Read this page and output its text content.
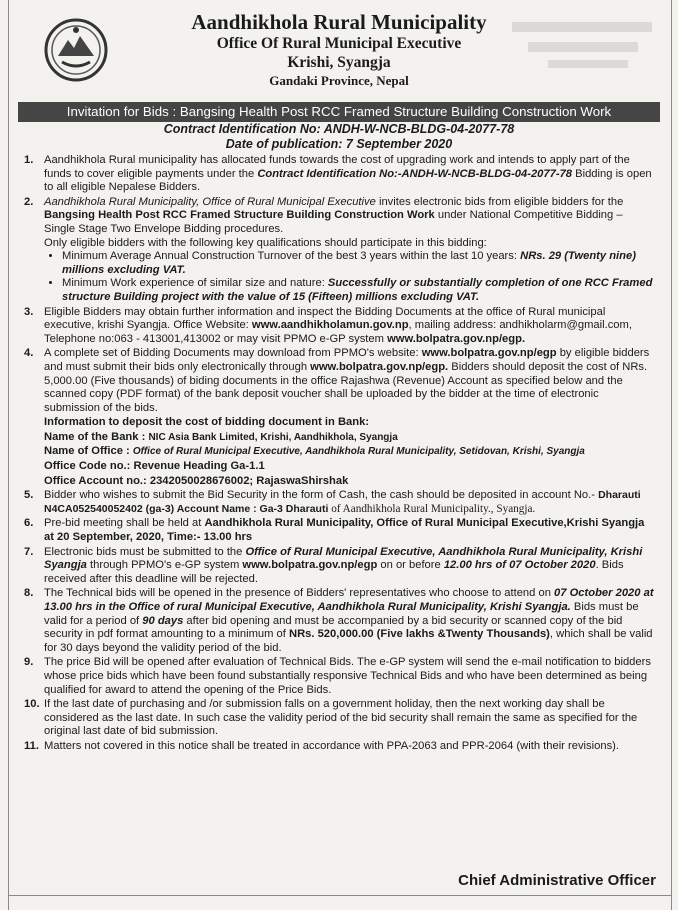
Aandhikhola Rural Municipality
Office Of Rural Municipal Executive
Krishi, Syangja
Gandaki Province, Nepal
Invitation for Bids : Bangsing Health Post RCC Framed Structure Building Construction Work
Contract Identification No: ANDH-W-NCB-BLDG-04-2077-78
Date of publication: 7 September 2020
1. Aandhikhola Rural municipality has allocated funds towards the cost of upgrading work and intends to apply part of the funds to cover eligible payments under the Contract Identification No:-ANDH-W-NCB-BLDG-04-2077-78 Bidding is open to all eligible Nepalese Bidders.
2. Aandhikhola Rural Municipality, Office of Rural Municipal Executive invites electronic bids from eligible bidders for the Bangsing Health Post RCC Framed Structure Building Construction Work under National Competitive Bidding – Single Stage Two Envelope Bidding procedures.
Only eligible bidders with the following key qualifications should participate in this bidding:
• Minimum Average Annual Construction Turnover of the best 3 years within the last 10 years: NRs. 29 (Twenty nine) millions excluding VAT.
• Minimum Work experience of similar size and nature: Successfully or substantially completion of one RCC Framed structure Building project with the value of 15 (Fifteen) millions excluding VAT.
3. Eligible Bidders may obtain further information and inspect the Bidding Documents at the office of Rural municipal executive, krishi Syangja. Office Website: www.aandhikholamun.gov.np, mailing address: andhikholarm@gmail.com, Telephone no:063 - 413001,413002 or may visit PPMO e-GP system www.bolpatra.gov.np/egp.
4. A complete set of Bidding Documents may download from PPMO's website: www.bolpatra.gov.np/egp by eligible bidders and must submit their bids only electronically through www.bolpatra.gov.np/egp. Bidders should deposit the cost of NRs. 5,000.00 (Five thousands) of biding documents in the office Rajashwa (Revenue) Account as specified below and the scanned copy (PDF format) of the bank deposit voucher shall be uploaded by the bidder at the time of electronic submission of the bids.

Information to deposit the cost of bidding document in Bank:

Name of the Bank : NIC Asia Bank Limited, Krishi, Aandhikhola, Syangja

Name of Office : Office of Rural Municipal Executive, Aandhikhola Rural Municipality, Setidovan, Krishi, Syangja

Office Code no.: Revenue Heading Ga-1.1

Office Account no.: 2342050028676002; RajaswaShirshak

5. Bidder who wishes to submit the Bid Security in the form of Cash, the cash should be deposited in account No.- Dharauti N4CA052540052402 (ga-3) Account Name : Ga-3 Dharauti of Aandhikhola Rural Municipality., Syangja.
6. Pre-bid meeting shall be held at Aandhikhola Rural Municipality, Office of Rural Municipal Executive,Krishi Syangja at 20 September, 2020, Time:- 13.00 hrs
7. Electronic bids must be submitted to the Office of Rural Municipal Executive, Aandhikhola Rural Municipality, Krishi Syangja through PPMO's e-GP system www.bolpatra.gov.np/egp on or before 12.00 hrs of 07 October 2020. Bids received after this deadline will be rejected.
8. The Technical bids will be opened in the presence of Bidders' representatives who choose to attend on 07 October 2020 at 13.00 hrs in the Office of rural Municipal Executive, Aandhikhola Rural Municipality, Krishi Syangja. Bids must be valid for a period of 90 days after bid opening and must be accompanied by a bid security or scanned copy of the bid security in pdf format amounting to a minimum of NRs. 520,000.00 (Five lakhs &Twenty Thousands), which shall be valid for 30 days beyond the validity period of the bid.
9. The price Bid will be opened after evaluation of Technical Bids. The e-GP system will send the e-mail notification to bidders whose price bids which have been found substantially responsive Technical Bids and who have been determined as being qualified for award to attend the opening of the Price Bids.
10. If the last date of purchasing and /or submission falls on a government holiday, then the next working day shall be considered as the last date. In such case the validity period of the bid security shall remain the same as specified for the original last date of bid submission.
11. Matters not covered in this notice shall be treated in accordance with PPA-2063 and PPR-2064 (with their revisions).
Chief Administrative Officer
